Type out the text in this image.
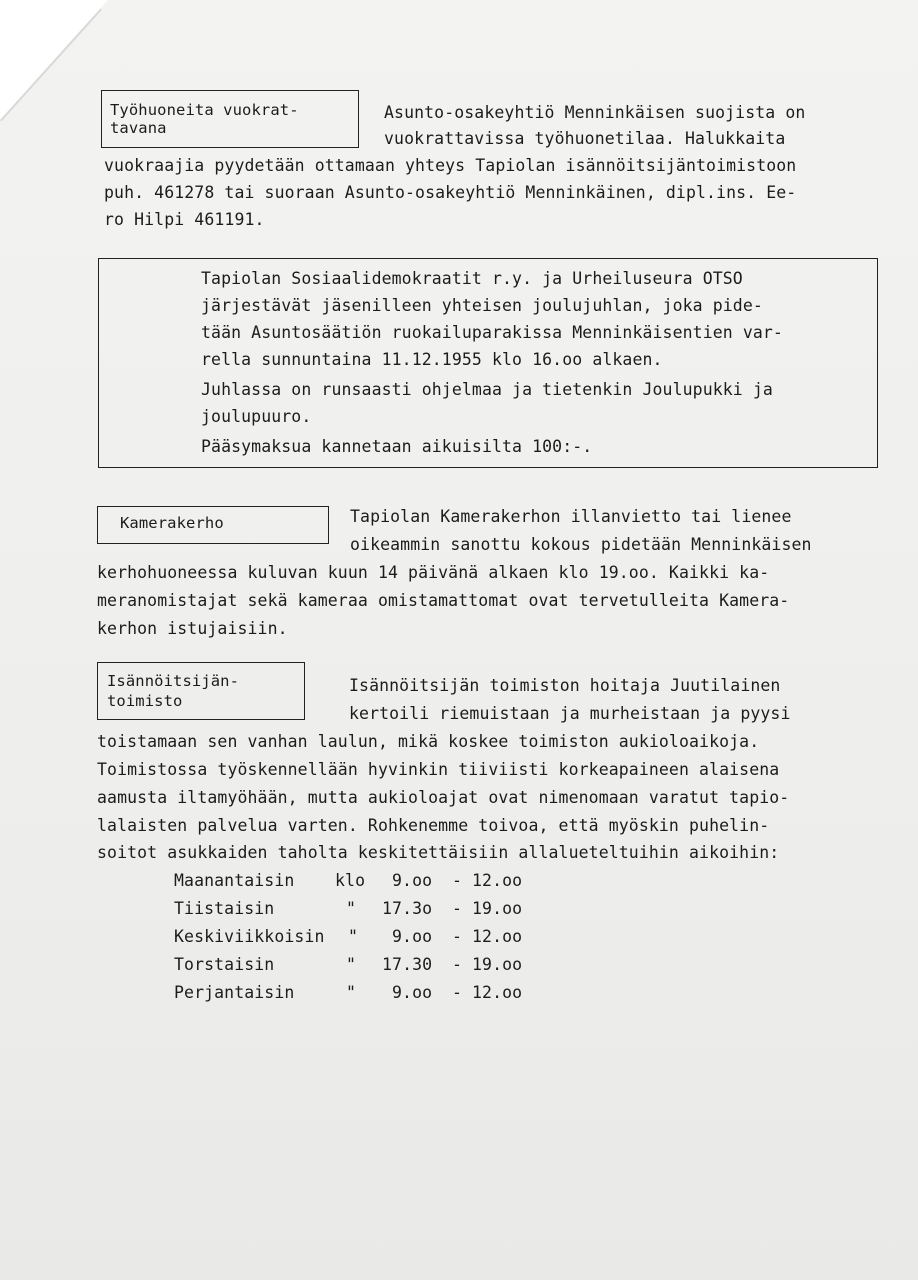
Työhuoneita vuokrat-
tavana
Asunto-osakeyhtiö Menninkäisen suojista on
vuokrattavissa työhuonetilaa. Halukkaita
vuokraajia pyydetään ottamaan yhteys Tapiolan isännöitsijäntoimistoon
puh. 461278 tai suoraan Asunto-osakeyhtiö Menninkäinen, dipl.ins. Ee-
ro Hilpi 461191.
Tapiolan Sosiaalidemokraatit r.y. ja Urheiluseura OTSO
järjestävät jäsenilleen yhteisen joulujuhlan, joka pide-
tään Asuntosäätiön ruokailuparakissa Menninkäisentien var-
rella sunnuntaina 11.12.1955 klo 16.oo alkaen.
Juhlassa on runsaasti ohjelmaa ja tietenkin Joulupukki ja
joulupuuro.
Pääsymaksua kannetaan aikuisilta 100:-.
Kamerakerho	Tapiolan Kamerakerhon illanvietto tai lienee
oikeammin sanottu kokous pidetään Menninkäisen
kerhohuoneessa kuluvan kuun 14 päivänä alkaen klo 19.oo. Kaikki ka-
meranomistajat sekä kameraa omistamattomat ovat tervetulleita Kamera-
kerhon istujaisiin.
Isännöitsijän-
toimisto
Isännöitsijän toimiston hoitaja Juutilainen
kertoili riemuistaan ja murheistaan ja pyysi
toistamaan sen vanhan laulun, mikä koskee toimiston aukioloaikoja.
Toimistossa työskennellään hyvinkin tiiviisti korkeapaineen alaisena
aamusta iltamyöhään, mutta aukioloajat ovat nimenomaan varatut tapio-
lalaisten palvelua varten. Rohkenemme toivoa, että myöskin puhelin-
soitot asukkaiden taholta keskitettäisiin allalueteltuihin aikoihin:
Maanantaisin klo 9.oo - 12.oo
Tiistaisin	" 17.3o - 19.oo
Keskiviikkoisin " 9.oo - 12.oo
Torstaisin	" 17.30 - 19.oo
Perjantaisin	" 9.oo - 12.oo
